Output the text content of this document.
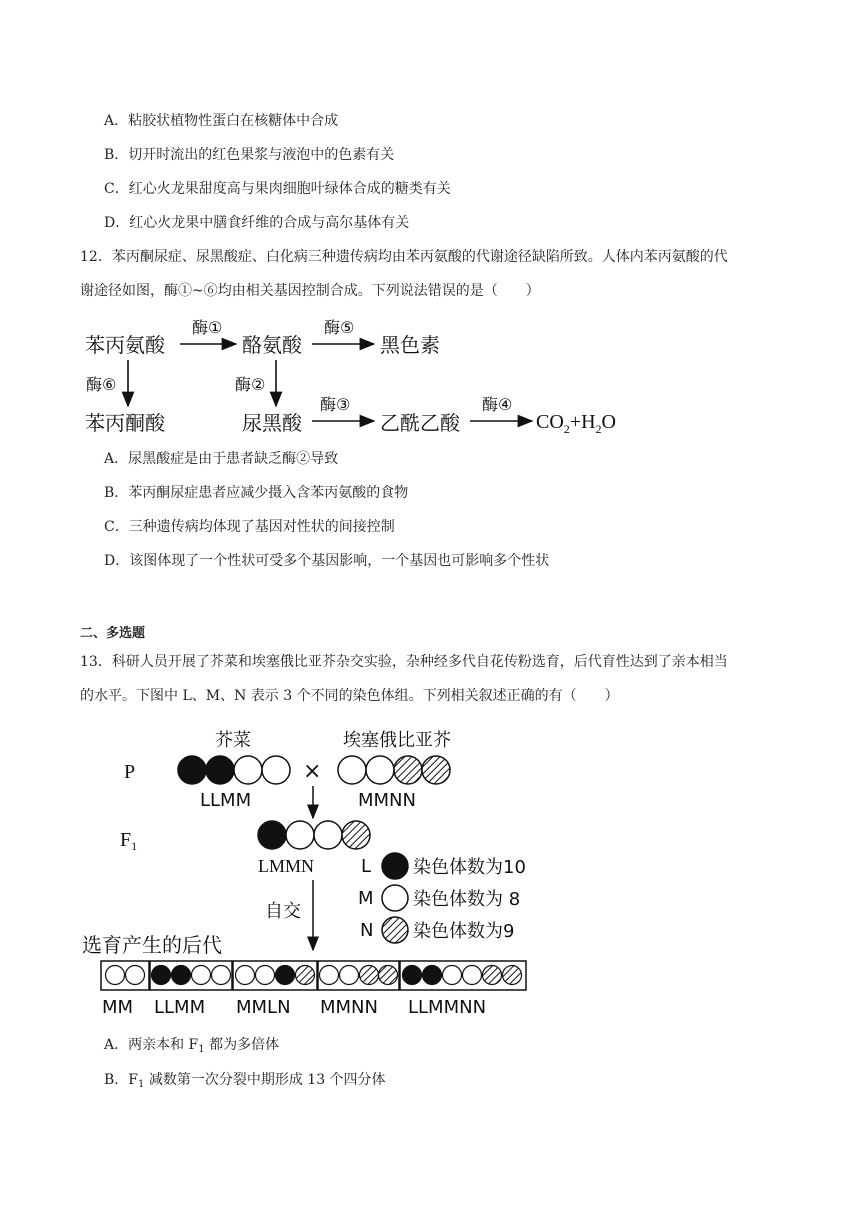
A．粘胶状植物性蛋白在核糖体中合成
B．切开时流出的红色果浆与液泡中的色素有关
C．红心火龙果甜度高与果肉细胞叶绿体合成的糖类有关
D．红心火龙果中膳食纤维的合成与高尔基体有关
12．苯丙酮尿症、尿黑酸症、白化病三种遗传病均由苯丙氨酸的代谢途径缺陷所致。人体内苯丙氨酸的代
谢途径如图，酶①~⑥均由相关基因控制合成。下列说法错误的是（　　）
苯丙氨酸	酪氨酸	黑色素
苯丙酮酸	尿黑酸	乙酰乙酸	$CO_2+H_2O$
酶①	酶⑤
酶⑥	酶②
酶③	酶④
A．尿黑酸症是由于患者缺乏酶②导致
B．苯丙酮尿症患者应减少摄入含苯丙氨酸的食物
C．三种遗传病均体现了基因对性状的间接控制
D．该图体现了一个性状可受多个基因影响，一个基因也可影响多个性状
二、多选题
13．科研人员开展了芥菜和埃塞俄比亚芥杂交实验，杂种经多代自花传粉选育，后代育性达到了亲本相当
的水平。下图中 L、M、N 表示 3 个不同的染色体组。下列相关叙述正确的有（　　）
芥菜	埃塞俄比亚芥
P	×
LLMM	MMNN
$F_1$
LMMN	L
M
N
染色体数为10
染色体数为 8
染色体数为9
自交
选育产生的后代
MM LLMM MMLN MMNN LLMMNN
A．两亲本和 $F_1$ 都为多倍体
B．$F_1$ 减数第一次分裂中期形成 13 个四分体
